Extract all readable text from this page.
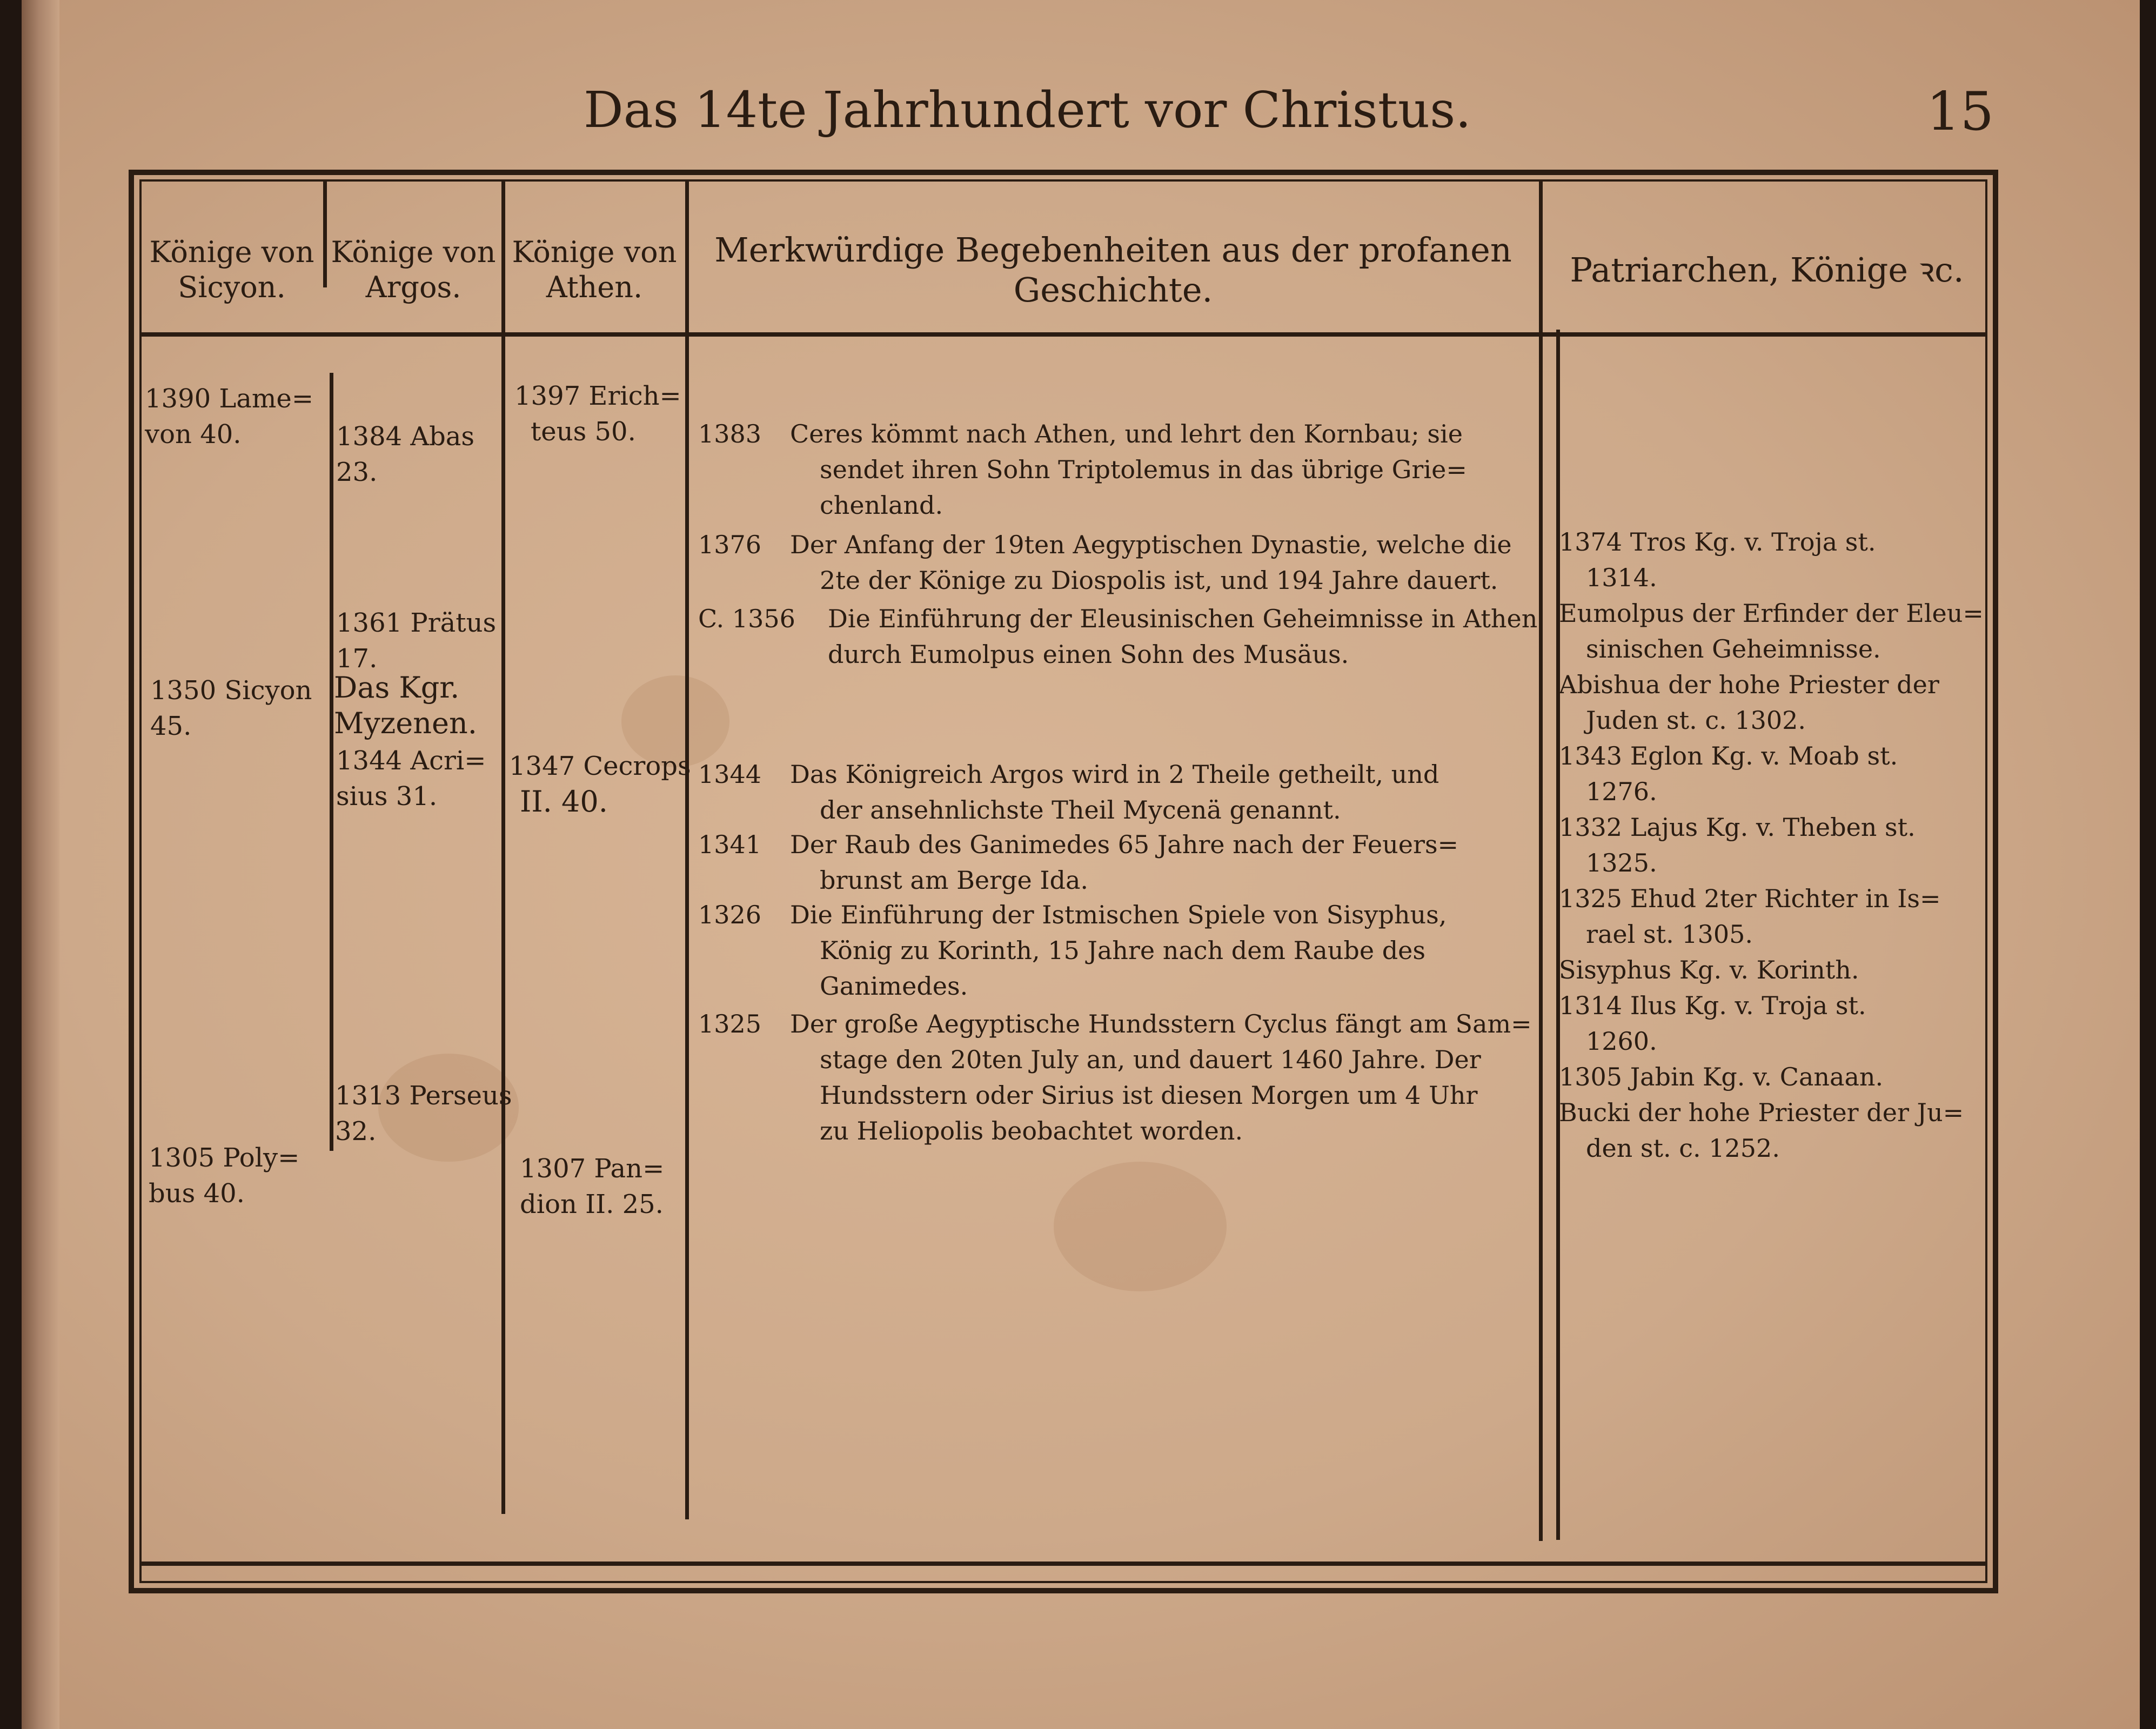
Das 14te Jahrhundert vor Christus.	15
Könige von
Sicyon.
Könige von
Argos.
Könige von
Athen.
Merkwürdige Begebenheiten aus der profanen
Geschichte.
Patriarchen, Könige ꝛc.
1390 Lame=
von 40.
1350 Sicyon
45.
1305 Poly=
bus 40.
1384 Abas
23.
1361 Prätus
17.
Das Kgr.
Myzenen.
1344 Acri=
sius 31.
1313 Perseus
32.
1397 Erich=
teus 50.
1347 Cecrops
II. 40.
1307 Pan=
dion II. 25.
1383 Ceres kömmt nach Athen, und lehrt den Kornbau; sie
sendet ihren Sohn Triptolemus in das übrige Grie=
chenland.
1376 Der Anfang der 19ten Aegyptischen Dynastie, welche die
2te der Könige zu Diospolis ist, und 194 Jahre dauert.
C. 1356 Die Einführung der Eleusinischen Geheimnisse in Athen
durch Eumolpus einen Sohn des Musäus.
1344 Das Königreich Argos wird in 2 Theile getheilt, und
der ansehnlichste Theil Mycenä genannt.
1341 Der Raub des Ganimedes 65 Jahre nach der Feuers=
brunst am Berge Ida.
1326 Die Einführung der Istmischen Spiele von Sisyphus,
König zu Korinth, 15 Jahre nach dem Raube des
Ganimedes.
1325 Der große Aegyptische Hundsstern Cyclus fängt am Sam=
stage den 20ten July an, und dauert 1460 Jahre. Der
Hundsstern oder Sirius ist diesen Morgen um 4 Uhr
zu Heliopolis beobachtet worden.
1374 Tros Kg. v. Troja st.
1314.
Eumolpus der Erfinder der Eleu=
sinischen Geheimnisse.
Abishua der hohe Priester der
Juden st. c. 1302.
1343 Eglon Kg. v. Moab st.
1276.
1332 Lajus Kg. v. Theben st.
1325.
1325 Ehud 2ter Richter in Is=
rael st. 1305.
Sisyphus Kg. v. Korinth.
1314 Ilus Kg. v. Troja st.
1260.
1305 Jabin Kg. v. Canaan.
Bucki der hohe Priester der Ju=
den st. c. 1252.
